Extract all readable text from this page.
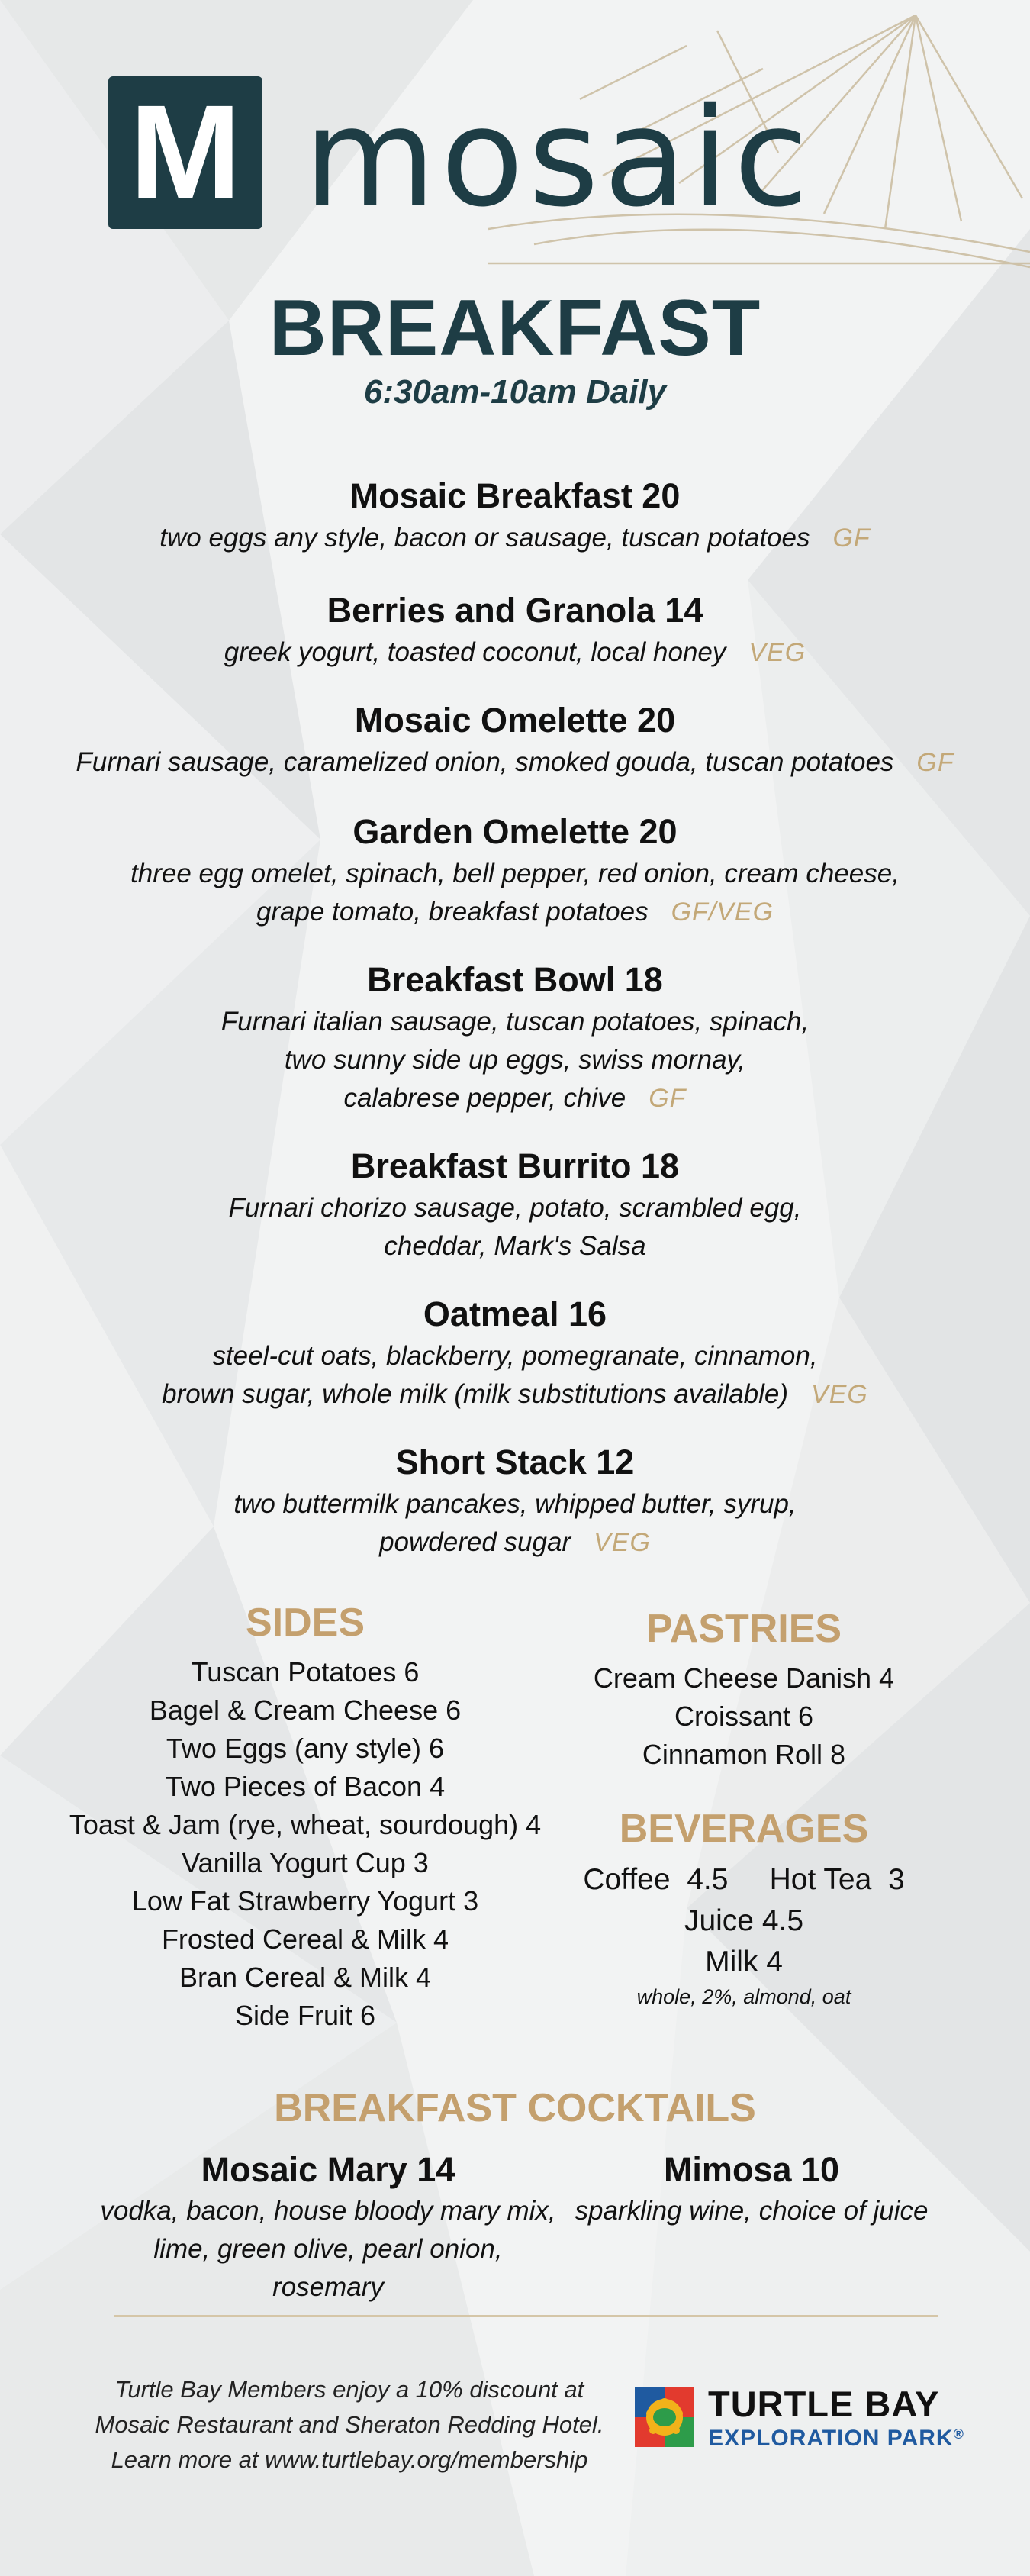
M mosaic
BREAKFAST
6:30am-10am Daily
Mosaic Breakfast 20
two eggs any style, bacon or sausage, tuscan potatoes GF
Berries and Granola 14
greek yogurt, toasted coconut, local honey VEG
Mosaic Omelette 20
Furnari sausage, caramelized onion, smoked gouda, tuscan potatoes GF
Garden Omelette 20
three egg omelet, spinach, bell pepper, red onion, cream cheese,
grape tomato, breakfast potatoes GF/VEG
Breakfast Bowl 18
Furnari italian sausage, tuscan potatoes, spinach,
two sunny side up eggs, swiss mornay,
calabrese pepper, chive GF
Breakfast Burrito 18
Furnari chorizo sausage, potato, scrambled egg,
cheddar, Mark's Salsa
Oatmeal 16
steel-cut oats, blackberry, pomegranate, cinnamon,
brown sugar, whole milk (milk substitutions available) VEG
Short Stack 12
two buttermilk pancakes, whipped butter, syrup,
powdered sugar VEG
SIDES
Tuscan Potatoes 6
Bagel & Cream Cheese 6
Two Eggs (any style) 6
Two Pieces of Bacon 4
Toast & Jam (rye, wheat, sourdough) 4
Vanilla Yogurt Cup 3
Low Fat Strawberry Yogurt 3
Frosted Cereal & Milk 4
Bran Cereal & Milk 4
Side Fruit 6
PASTRIES
Cream Cheese Danish 4
Croissant 6
Cinnamon Roll 8
BEVERAGES
Coffee  4.5     Hot Tea  3
Juice 4.5
Milk 4
whole, 2%, almond, oat
BREAKFAST COCKTAILS
Mosaic Mary 14
vodka, bacon, house bloody mary mix,
lime, green olive, pearl onion, rosemary
Mimosa 10
sparkling wine, choice of juice
Turtle Bay Members enjoy a 10% discount at
Mosaic Restaurant and Sheraton Redding Hotel.
Learn more at www.turtlebay.org/membership
TURTLE BAY
EXPLORATION PARK®
